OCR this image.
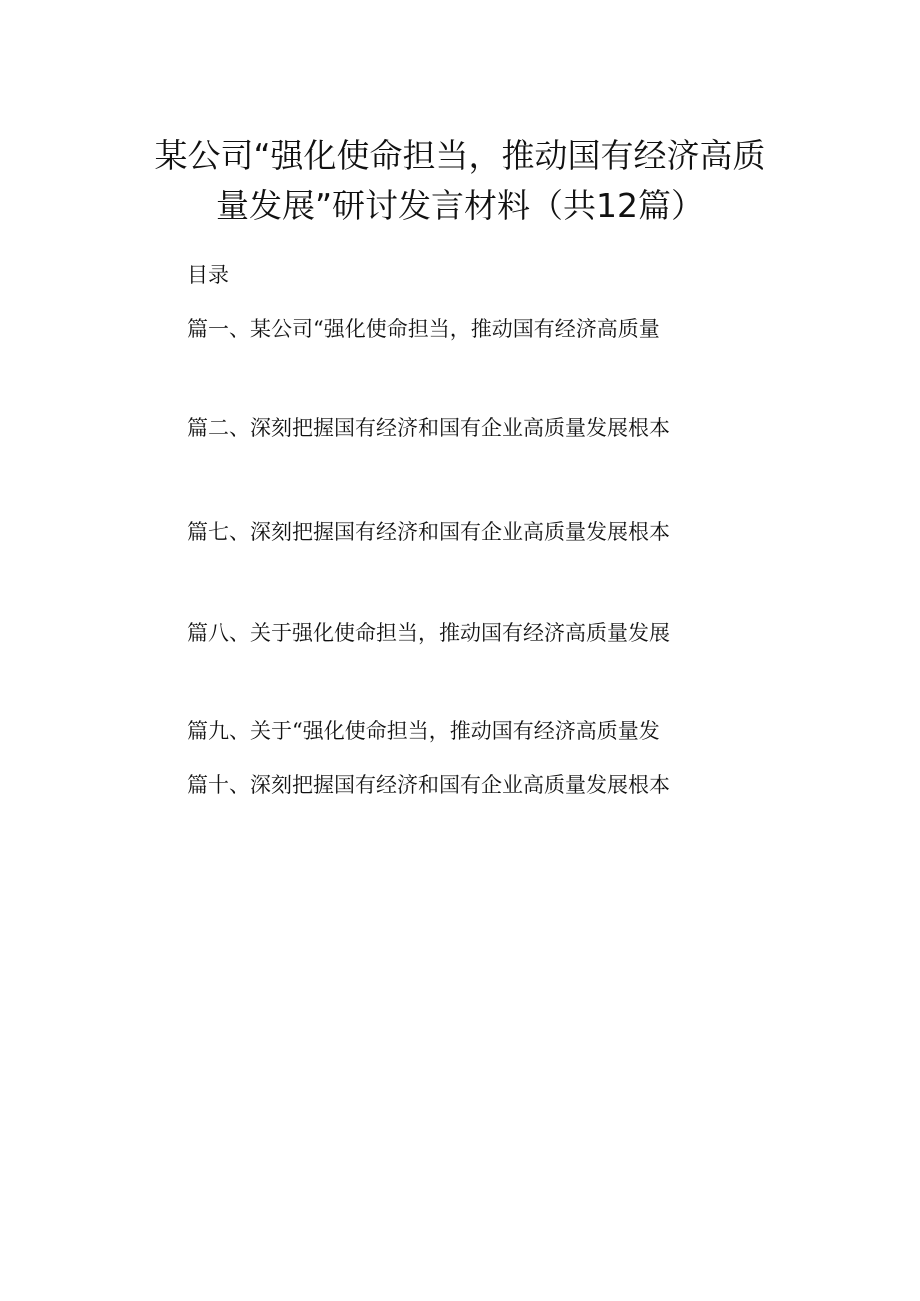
某公司“强化使命担当，推动国有经济高质
量发展”研讨发言材料（共12篇）
目录
篇一、某公司“强化使命担当，推动国有经济高质量
篇二、深刻把握国有经济和国有企业高质量发展根本
篇七、深刻把握国有经济和国有企业高质量发展根本
篇八、关于强化使命担当，推动国有经济高质量发展
篇九、关于“强化使命担当，推动国有经济高质量发
篇十、深刻把握国有经济和国有企业高质量发展根本
